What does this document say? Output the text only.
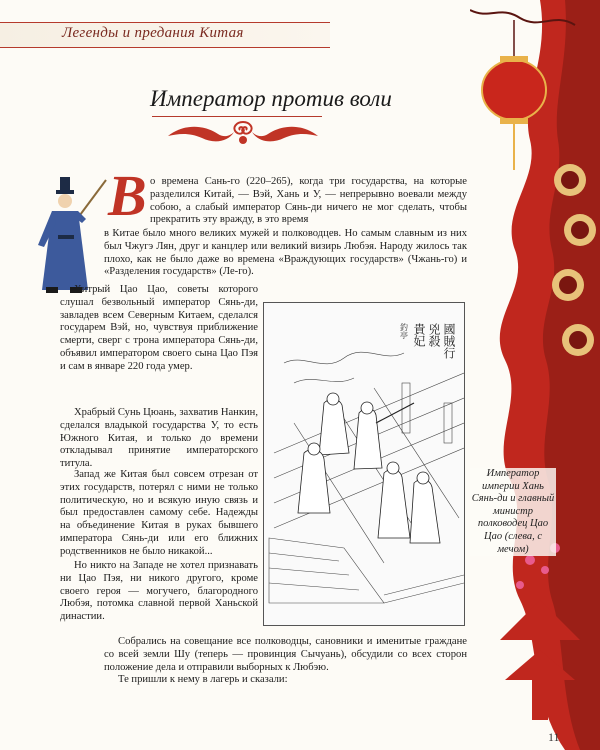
Легенды и предания Китая
Император против воли
В о времена Сань-го (220–265), когда три государства, на которые разделился Китай, — Вэй, Хань и У, — непрерывно воевали между собою, а слабый император Сянь-ди ничего не мог сделать, чтобы прекратить эту вражду, в это время

в Китае было много великих мужей и полководцев. Но самым славным из них был Чжугэ Лян, друг и канцлер или великий визирь Любэя. Народу жилось так плохо, как не было даже во времена «Враждующих государств» (Чжань-го) и «Разделения государств» (Ле-го).

Хитрый Цао Цао, советы которого слушал безвольный император Сянь-ди, завладев всем Северным Китаем, сделался государем Вэй, но, чувствуя приближение смерти, сверг с трона императора Сянь-ди, объявил императором своего сына Цао Пэя и сам в январе 220 года умер.

Храбрый Сунь Цюань, захватив Нанкин, сделался владыкой государства У, то есть Южного Китая, и только до времени откладывал принятие императорского титула.

Запад же Китая был совсем отрезан от этих государств, потерял с ними не только политическую, но и всякую иную связь и был предоставлен самому себе. Надежды на объединение Китая в руках бывшего императора Сянь-ди или его ближних родственников не было никакой...

Но никто на Западе не хотел признавать ни Цао Пэя, ни никого другого, кроме своего героя — могучего, благородного Любэя, потомка славной первой Ханьской династии.

Собрались на совещание все полководцы, сановники и именитые граждане со всей земли Шу (теперь — провинция Сычуань), обсудили со всех сторон положение дела и отправили выборных к Любэю.

Те пришли к нему в лагерь и сказали:

國賊行
兇殺
貴妃
釣亭
Император империи Хань Сянь-ди и главный министр полководец Цао Цао (слева, с мечом)
11
